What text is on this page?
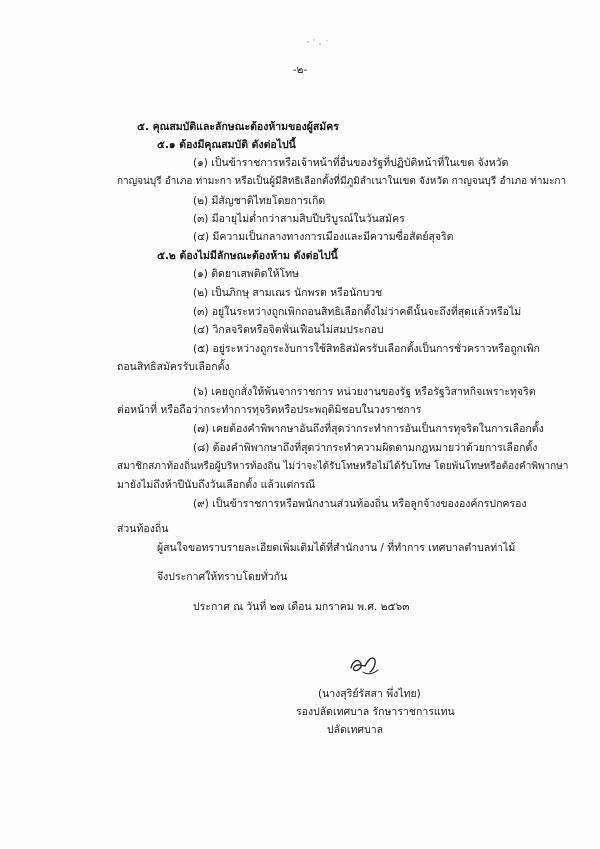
-๒-
๕. คุณสมบัติและลักษณะต้องห้ามของผู้สมัคร
๕.๑ ต้องมีคุณสมบัติ ดังต่อไปนี้
(๑) เป็นข้าราชการหรือเจ้าหน้าที่อื่นของรัฐที่ปฏิบัติหน้าที่ในเขต จังหวัด
กาญจนบุรี อำเภอ ท่ามะกา หรือเป็นผู้มีสิทธิเลือกตั้งที่มีภูมิลำเนาในเขต จังหวัด กาญจนบุรี อำเภอ ท่ามะกา
(๒) มีสัญชาติไทยโดยการเกิด
(๓) มีอายุไม่ต่ำกว่าสามสิบปีบริบูรณ์ในวันสมัคร
(๔) มีความเป็นกลางทางการเมืองและมีความซื่อสัตย์สุจริต
๕.๒ ต้องไม่มีลักษณะต้องห้าม ดังต่อไปนี้
(๑) ติดยาเสพติดให้โทษ
(๒) เป็นภิกษุ สามเณร นักพรต หรือนักบวช
(๓) อยู่ในระหว่างถูกเพิกถอนสิทธิเลือกตั้งไม่ว่าคดีนั้นจะถึงที่สุดแล้วหรือไม่
(๔) วิกลจริตหรือจิตฟั่นเฟือนไม่สมประกอบ
(๕) อยู่ระหว่างถูกระงับการใช้สิทธิสมัครรับเลือกตั้งเป็นการชั่วคราวหรือถูกเพิก
ถอนสิทธิสมัครรับเลือกตั้ง
(๖) เคยถูกสั่งให้พ้นจากราชการ หน่วยงานของรัฐ หรือรัฐวิสาหกิจเพราะทุจริต
ต่อหน้าที่ หรือถือว่ากระทำการทุจริตหรือประพฤติมิชอบในวงราชการ
(๗) เคยต้องคำพิพากษาอันถึงที่สุดว่ากระทำการอันเป็นการทุจริตในการเลือกตั้ง
(๘) ต้องคำพิพากษาถึงที่สุดว่ากระทำความผิดตามกฎหมายว่าด้วยการเลือกตั้ง
สมาชิกสภาท้องถิ่นหรือผู้บริหารท้องถิ่น ไม่ว่าจะได้รับโทษหรือไม่ได้รับโทษ โดยพ้นโทษหรือต้องคำพิพากษา
มายังไม่ถึงห้าปีนับถึงวันเลือกตั้ง แล้วแต่กรณี
(๙) เป็นข้าราชการหรือพนักงานส่วนท้องถิ่น หรือลูกจ้างขององค์กรปกครอง
ส่วนท้องถิ่น
ผู้สนใจขอทราบรายละเอียดเพิ่มเติมได้ที่สำนักงาน / ที่ทำการ เทศบาลตำบลท่าไม้
จึงประกาศให้ทราบโดยทั่วกัน
ประกาศ ณ วันที่ ๒๗ เดือน มกราคม พ.ศ. ๒๕๖๓
(นางสุริย์รัสสา พึ่งไทย)
รองปลัดเทศบาล รักษาราชการแทน
ปลัดเทศบาล
